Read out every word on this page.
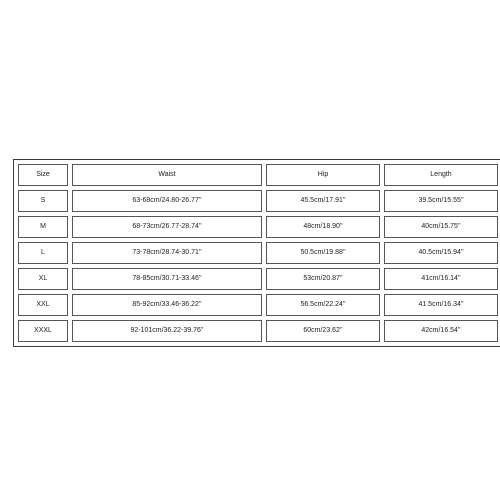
Size	Waist	Hip	Length
S	63-68cm/24.80-26.77''	45.5cm/17.91''	39.5cm/15.55''
M	68-73cm/26.77-28.74''	48cm/18.90''	40cm/15.75''
L	73-78cm/28.74-30.71''	50.5cm/19.88''	40.5cm/15.94''
XL	78-85cm/30.71-33.46''	53cm/20.87''	41cm/16.14''
XXL	85-92cm/33.46-36.22''	56.5cm/22.24''	41.5cm/16.34''
XXXL	92-101cm/36.22-39.76''	60cm/23.62''	42cm/16.54''
